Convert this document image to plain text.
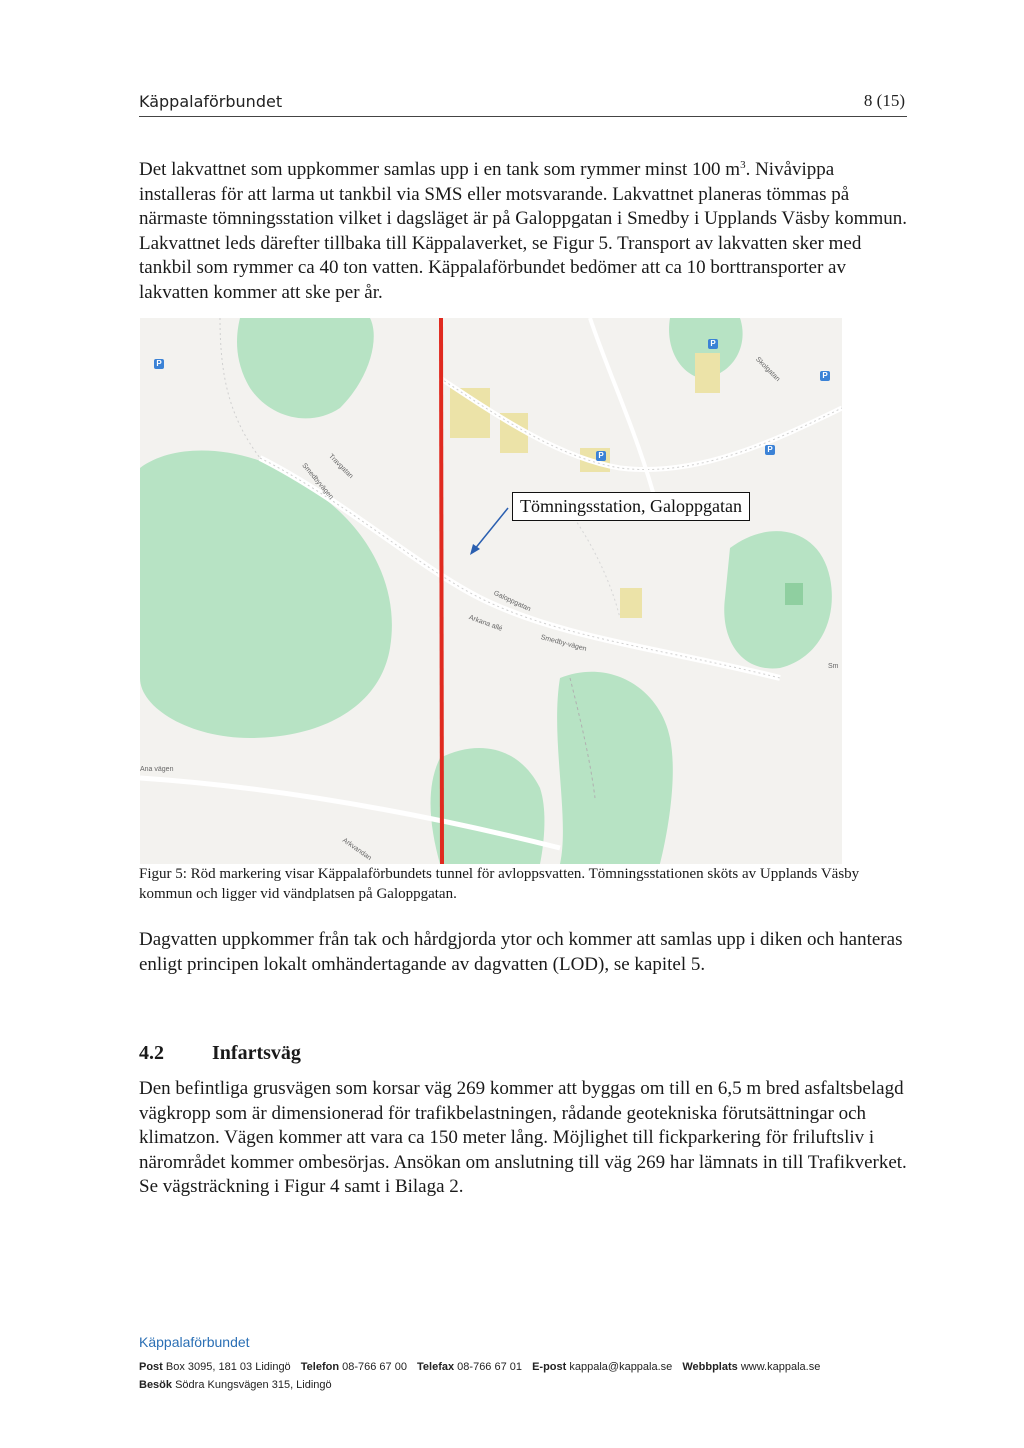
Käppalaförbundet	8 (15)

Det lakvattnet som uppkommer samlas upp i en tank som rymmer minst 100 $m^3$. Nivåvippa installeras för att larma ut tankbil via SMS eller motsvarande. Lakvattnet planeras tömmas på närmaste tömningsstation vilket i dagsläget är på Galoppgatan i Smedby i Upplands Väsby kommun. Lakvattnet leds därefter tillbaka till Käppalaverket, se Figur 5. Transport av lakvatten sker med tankbil som rymmer ca 40 ton vatten. Käppalaförbundet bedömer att ca 10 borttransporter av lakvatten kommer att ske per år.

P
P
P
P
P
Travgatan
Smedbyvägen
Galoppgatan
Arkana allé
Smedby-vägen
Sm
Ana vägen
Skolgatan
Arkvandan
Tömningsstation, Galoppgatan

Figur 5: Röd markering visar Käppalaförbundets tunnel för avloppsvatten. Tömningsstationen sköts av Upplands Väsby kommun och ligger vid vändplatsen på Galoppgatan.

Dagvatten uppkommer från tak och hårdgjorda ytor och kommer att samlas upp i diken och hanteras enligt principen lokalt omhändertagande av dagvatten (LOD), se kapitel 5.

4.2 Infartsväg

Den befintliga grusvägen som korsar väg 269 kommer att byggas om till en 6,5 m bred asfaltsbelagd vägkropp som är dimensionerad för trafikbelastningen, rådande geotekniska förutsättningar och klimatzon. Vägen kommer att vara ca 150 meter lång. Möjlighet till fickparkering för friluftsliv i närområdet kommer ombesörjas. Ansökan om anslutning till väg 269 har lämnats in till Trafikverket. Se vägsträckning i Figur 4 samt i Bilaga 2.

Käppalaförbundet
Post Box 3095, 181 03 Lidingö Telefon 08-766 67 00 Telefax 08-766 67 01 E-post kappala@kappala.se Webbplats www.kappala.se
Besök Södra Kungsvägen 315, Lidingö
